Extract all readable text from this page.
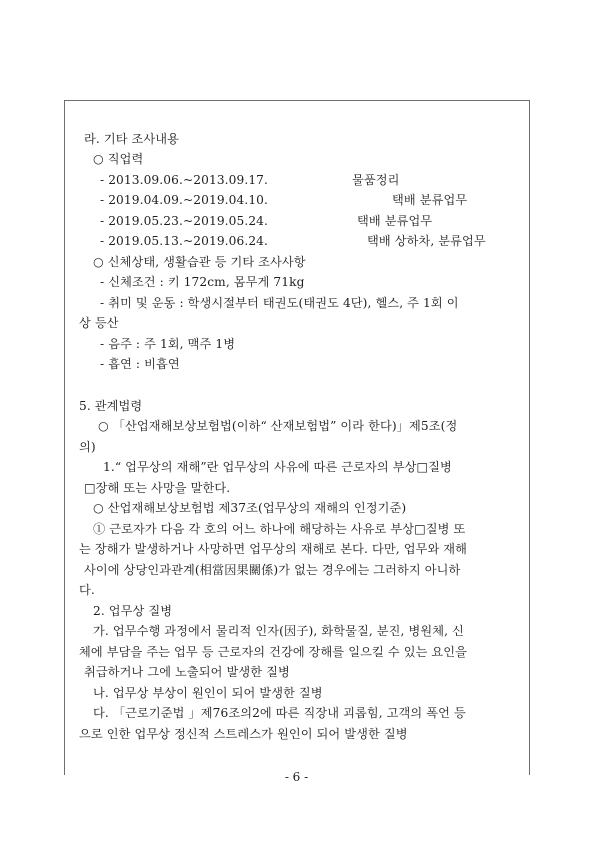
라. 기타 조사내용
○ 직업력
- 2013.09.06.~2013.09.17.	물품정리
- 2019.04.09.~2019.04.10.	택배 분류업무
- 2019.05.23.~2019.05.24.	택배 분류업무
- 2019.05.13.~2019.06.24.	택배 상하차, 분류업무
○ 신체상태, 생활습관 등 기타 조사사항
- 신체조건 : 키 172cm, 몸무게 71kg
- 취미 및 운동 : 학생시절부터 태권도(태권도 4단), 헬스, 주 1회 이
상 등산
- 음주 : 주 1회, 맥주 1병
- 흡연 : 비흡연
5. 관계법령
○ 「산업재해보상보험법(이하“ 산재보험법” 이라 한다)」제5조(정
의)
1.“ 업무상의 재해”란 업무상의 사유에 따른 근로자의 부상□질병
□장해 또는 사망을 말한다.
○ 산업재해보상보험법 제37조(업무상의 재해의 인정기준)
① 근로자가 다음 각 호의 어느 하나에 해당하는 사유로 부상□질병 또
는 장해가 발생하거나 사망하면 업무상의 재해로 본다. 다만, 업무와 재해
사이에 상당인과관계(相當因果關係)가 없는 경우에는 그러하지 아니하
다.
2. 업무상 질병
가. 업무수행 과정에서 물리적 인자(因子), 화학물질, 분진, 병원체, 신
체에 부담을 주는 업무 등 근로자의 건강에 장해를 일으킬 수 있는 요인을
취급하거나 그에 노출되어 발생한 질병
나. 업무상 부상이 원인이 되어 발생한 질병
다. 「근로기준법 」제76조의2에 따른 직장내 괴롭힘, 고객의 폭언 등
으로 인한 업무상 정신적 스트레스가 원인이 되어 발생한 질병
- 6 -
